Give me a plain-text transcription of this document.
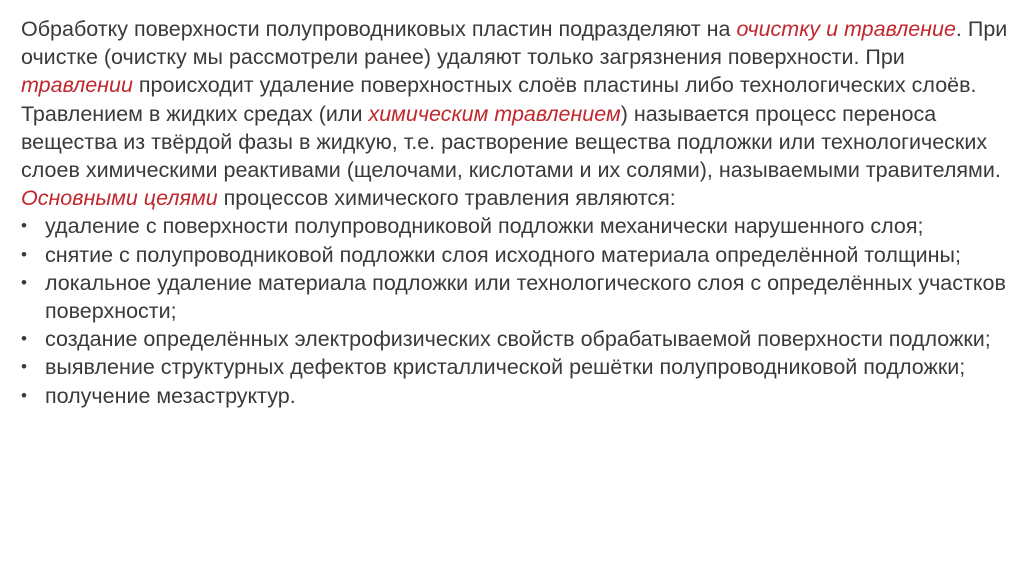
Обработку поверхности полупроводниковых пластин подразделяют на очистку и травление. При очистке (очистку мы рассмотрели ранее) удаляют только загрязнения поверхности. При травлении происходит удаление поверхностных слоёв пластины либо технологических слоёв.

Травлением в жидких средах (или химическим травлением) называется процесс переноса вещества из твёрдой фазы в жидкую, т.е. растворение вещества подложки или технологических слоев химическими реактивами (щелочами, кислотами и их солями), называемыми травителями.

Основными целями процессов химического травления являются:

• удаление с поверхности полупроводниковой подложки механически нарушенного слоя;
• снятие с полупроводниковой подложки слоя исходного материала определённой толщины;
• локальное удаление материала подложки или технологического слоя с определённых участков поверхности;
• создание определённых электрофизических свойств обрабатываемой поверхности подложки;
• выявление структурных дефектов кристаллической решётки полупроводниковой подложки;
• получение мезаструктур.
